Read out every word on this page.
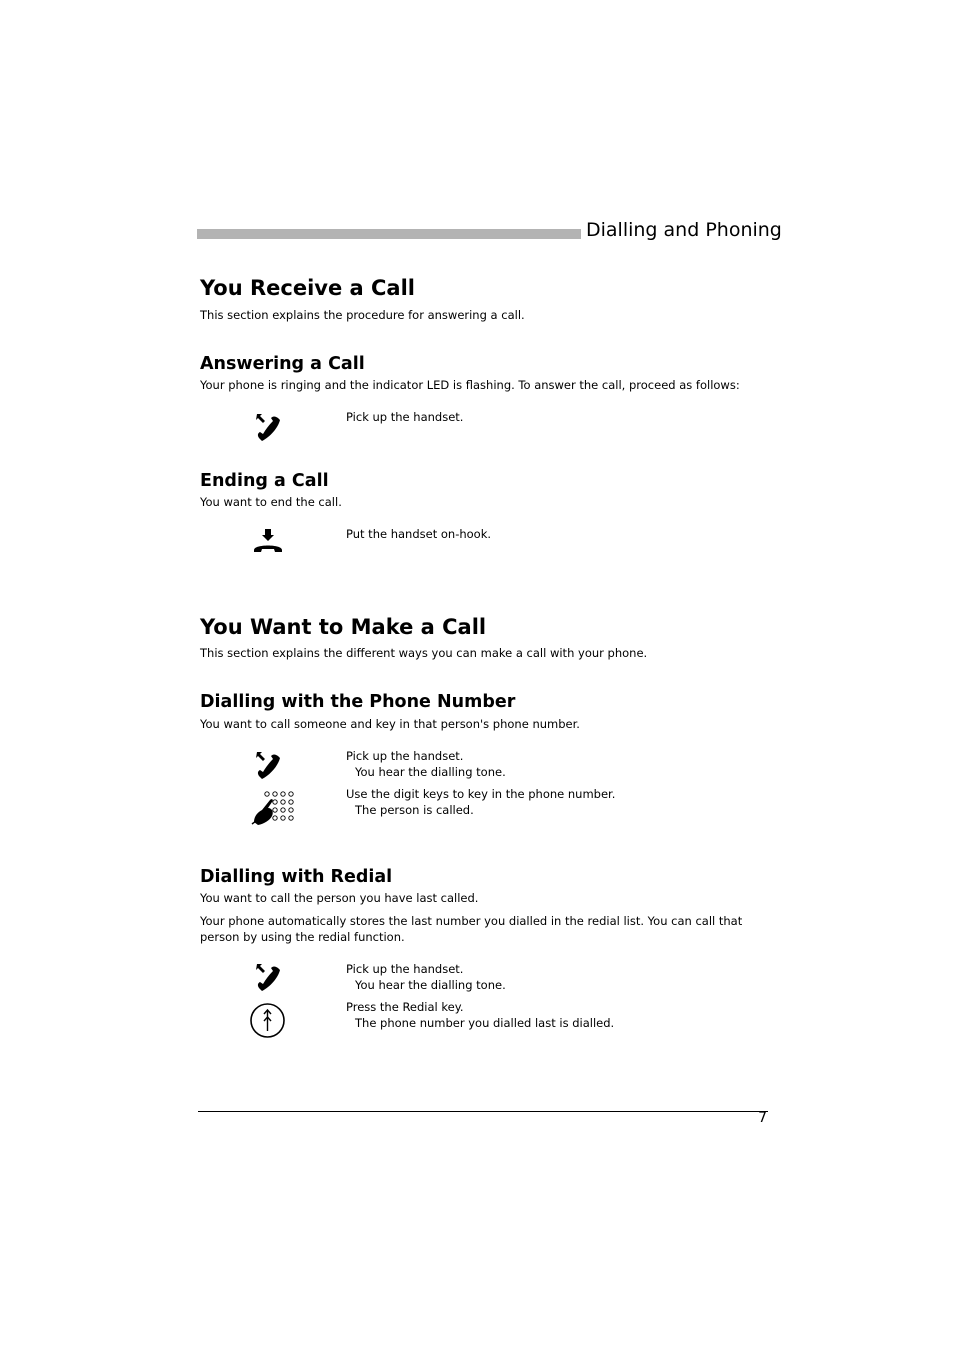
Dialling and Phoning
You Receive a Call
This section explains the procedure for answering a call.
Answering a Call
Your phone is ringing and the indicator LED is flashing. To answer the call, proceed as follows:
Pick up the handset.
Ending a Call
You want to end the call.
Put the handset on-hook.
You Want to Make a Call
This section explains the different ways you can make a call with your phone.
Dialling with the Phone Number
You want to call someone and key in that person's phone number.
Pick up the handset.
You hear the dialling tone.
Use the digit keys to key in the phone number.
The person is called.
Dialling with Redial
You want to call the person you have last called.
Your phone automatically stores the last number you dialled in the redial list. You can call that person by using the redial function.
Pick up the handset.
You hear the dialling tone.
Press the Redial key.
The phone number you dialled last is dialled.
7
